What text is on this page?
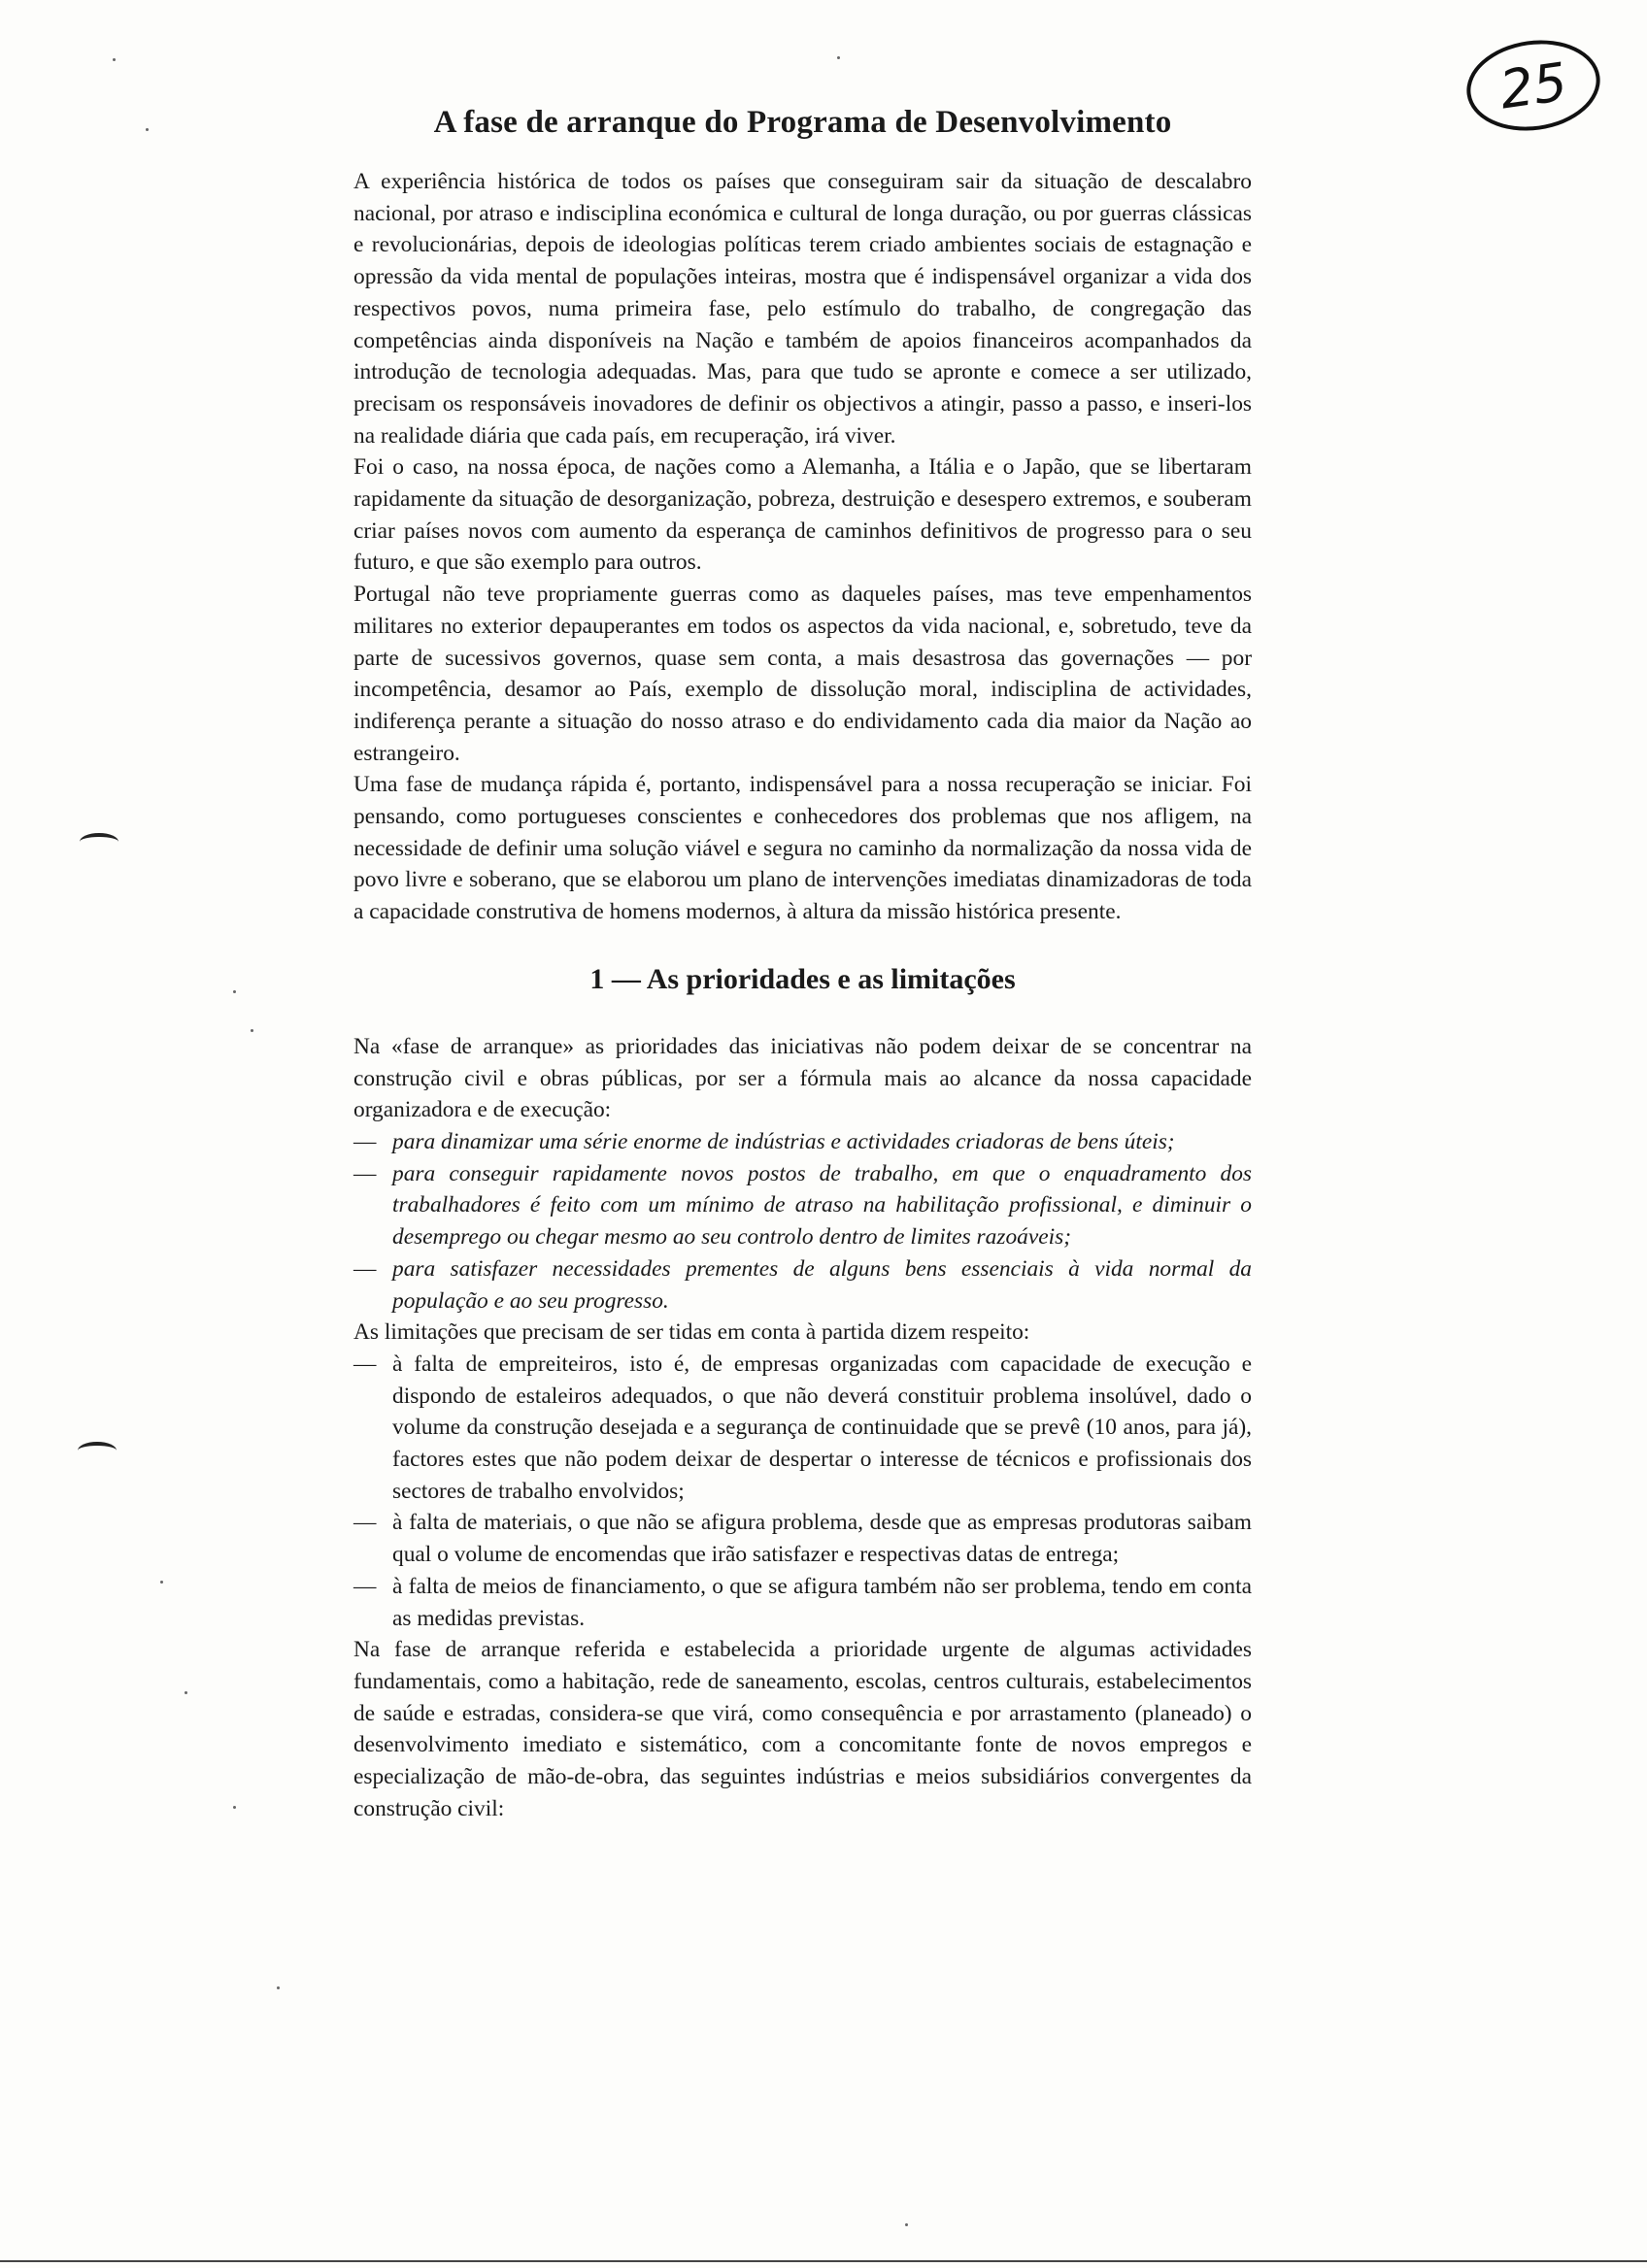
25
A fase de arranque do Programa de Desenvolvimento

A experiência histórica de todos os países que conseguiram sair da situação de descalabro nacional, por atraso e indisciplina económica e cultural de longa duração, ou por guerras clássicas e revolucionárias, depois de ideologias políticas terem criado ambientes sociais de estagnação e opressão da vida mental de populações inteiras, mostra que é indispensável organizar a vida dos respectivos povos, numa primeira fase, pelo estímulo do trabalho, de congregação das competências ainda disponíveis na Nação e também de apoios financeiros acompanhados da introdução de tecnologia adequadas. Mas, para que tudo se apronte e comece a ser utilizado, precisam os responsáveis inovadores de definir os objectivos a atingir, passo a passo, e inseri-los na realidade diária que cada país, em recuperação, irá viver.

Foi o caso, na nossa época, de nações como a Alemanha, a Itália e o Japão, que se libertaram rapidamente da situação de desorganização, pobreza, destruição e desespero extremos, e souberam criar países novos com aumento da esperança de caminhos definitivos de progresso para o seu futuro, e que são exemplo para outros.

Portugal não teve propriamente guerras como as daqueles países, mas teve empenhamentos militares no exterior depauperantes em todos os aspectos da vida nacional, e, sobretudo, teve da parte de sucessivos governos, quase sem conta, a mais desastrosa das governações — por incompetência, desamor ao País, exemplo de dissolução moral, indisciplina de actividades, indiferença perante a situação do nosso atraso e do endividamento cada dia maior da Nação ao estrangeiro.

Uma fase de mudança rápida é, portanto, indispensável para a nossa recuperação se iniciar. Foi pensando, como portugueses conscientes e conhecedores dos problemas que nos afligem, na necessidade de definir uma solução viável e segura no caminho da normalização da nossa vida de povo livre e soberano, que se elaborou um plano de intervenções imediatas dinamizadoras de toda a capacidade construtiva de homens modernos, à altura da missão histórica presente.

1 — As prioridades e as limitações

Na «fase de arranque» as prioridades das iniciativas não podem deixar de se concentrar na construção civil e obras públicas, por ser a fórmula mais ao alcance da nossa capacidade organizadora e de execução:

— para dinamizar uma série enorme de indústrias e actividades criadoras de bens úteis;
— para conseguir rapidamente novos postos de trabalho, em que o enquadramento dos trabalhadores é feito com um mínimo de atraso na habilitação profissional, e diminuir o desemprego ou chegar mesmo ao seu controlo dentro de limites razoáveis;
— para satisfazer necessidades prementes de alguns bens essenciais à vida normal da população e ao seu progresso.

As limitações que precisam de ser tidas em conta à partida dizem respeito:

— à falta de empreiteiros, isto é, de empresas organizadas com capacidade de execução e dispondo de estaleiros adequados, o que não deverá constituir problema insolúvel, dado o volume da construção desejada e a segurança de continuidade que se prevê (10 anos, para já), factores estes que não podem deixar de despertar o interesse de técnicos e profissionais dos sectores de trabalho envolvidos;
— à falta de materiais, o que não se afigura problema, desde que as empresas produtoras saibam qual o volume de encomendas que irão satisfazer e respectivas datas de entrega;
— à falta de meios de financiamento, o que se afigura também não ser problema, tendo em conta as medidas previstas.

Na fase de arranque referida e estabelecida a prioridade urgente de algumas actividades fundamentais, como a habitação, rede de saneamento, escolas, centros culturais, estabelecimentos de saúde e estradas, considera-se que virá, como consequência e por arrastamento (planeado) o desenvolvimento imediato e sistemático, com a concomitante fonte de novos empregos e especialização de mão-de-obra, das seguintes indústrias e meios subsidiários convergentes da construção civil:
